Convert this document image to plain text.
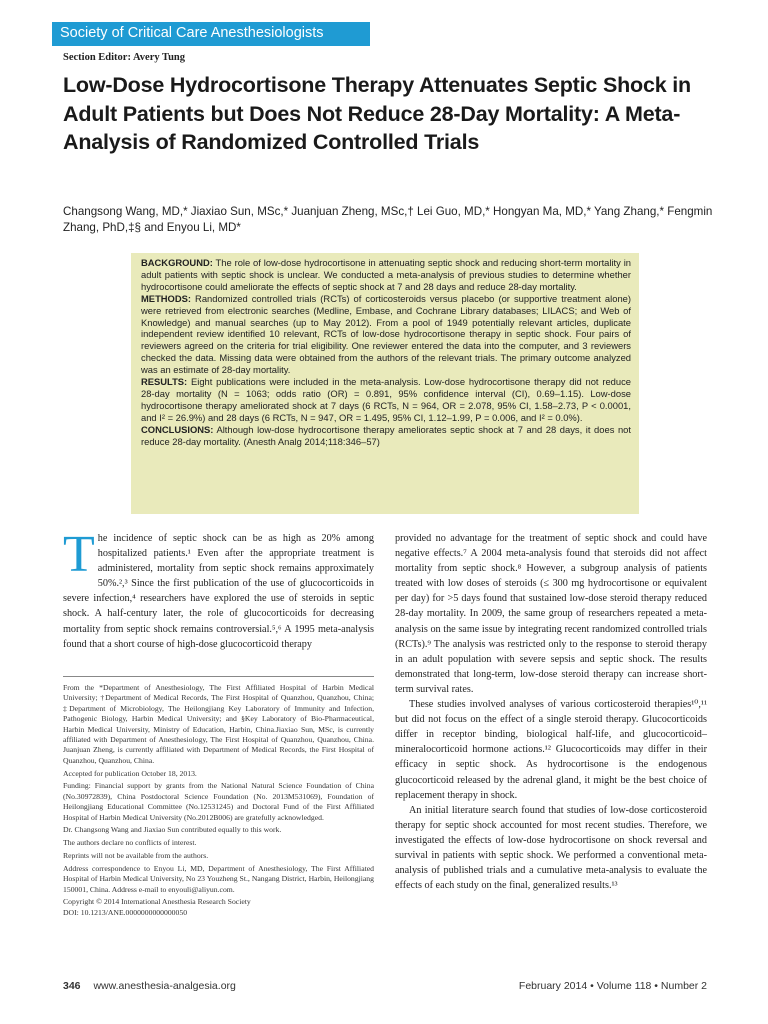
Society of Critical Care Anesthesiologists
Section Editor: Avery Tung
Low-Dose Hydrocortisone Therapy Attenuates Septic Shock in Adult Patients but Does Not Reduce 28-Day Mortality: A Meta-Analysis of Randomized Controlled Trials
Changsong Wang, MD,* Jiaxiao Sun, MSc,* Juanjuan Zheng, MSc,† Lei Guo, MD,* Hongyan Ma, MD,* Yang Zhang,* Fengmin Zhang, PhD,‡§ and Enyou Li, MD*

BACKGROUND: The role of low-dose hydrocortisone in attenuating septic shock and reducing short-term mortality in adult patients with septic shock is unclear. We conducted a meta-analysis of previous studies to determine whether hydrocortisone could ameliorate the effects of septic shock at 7 and 28 days and reduce 28-day mortality.

METHODS: Randomized controlled trials (RCTs) of corticosteroids versus placebo (or supportive treatment alone) were retrieved from electronic searches (Medline, Embase, and Cochrane Library databases; LILACS; and Web of Knowledge) and manual searches (up to May 2012). From a pool of 1949 potentially relevant articles, duplicate independent review identified 10 relevant, RCTs of low-dose hydrocortisone therapy in septic shock. Four pairs of reviewers agreed on the criteria for trial eligibility. One reviewer entered the data into the computer, and 3 reviewers checked the data. Missing data were obtained from the authors of the relevant trials. The primary outcome analyzed was an estimate of 28-day mortality.

RESULTS: Eight publications were included in the meta-analysis. Low-dose hydrocortisone therapy did not reduce 28-day mortality (N = 1063; odds ratio (OR) = 0.891, 95% confidence interval (CI), 0.69–1.15). Low-dose hydrocortisone therapy ameliorated shock at 7 days (6 RCTs, N = 964, OR = 2.078, 95% CI, 1.58–2.73, P < 0.0001, and I² = 26.9%) and 28 days (6 RCTs, N = 947, OR = 1.495, 95% CI, 1.12–1.99, P = 0.006, and I² = 0.0%).

CONCLUSIONS: Although low-dose hydrocortisone therapy ameliorates septic shock at 7 and 28 days, it does not reduce 28-day mortality. (Anesth Analg 2014;118:346–57)

The incidence of septic shock can be as high as 20% among hospitalized patients.¹ Even after the appropriate treatment is administered, mortality from septic shock remains approximately 50%.²,³ Since the first publication of the use of glucocorticoids in severe infection,⁴ researchers have explored the use of steroids in septic shock. A half-century later, the role of glucocorticoids for decreasing mortality from septic shock remains controversial.⁵,⁶ A 1995 meta-analysis found that a short course of high-dose glucocorticoid therapy

provided no advantage for the treatment of septic shock and could have negative effects.⁷ A 2004 meta-analysis found that steroids did not affect mortality from septic shock.⁸ However, a subgroup analysis of patients treated with low doses of steroids (≤ 300 mg hydrocortisone or equivalent per day) for >5 days found that sustained low-dose steroid therapy reduced 28-day mortality. In 2009, the same group of researchers repeated a meta-analysis on the same issue by integrating recent randomized controlled trials (RCTs).⁹ The analysis was restricted only to the response to steroid therapy in an adult population with severe sepsis and septic shock. The results demonstrated that long-term, low-dose steroid therapy can increase short-term survival rates.

These studies involved analyses of various corticosteroid therapies¹⁰,¹¹ but did not focus on the effect of a single steroid therapy. Glucocorticoids differ in receptor binding, biological half-life, and glucocorticoid–mineralocorticoid hormone actions.¹² Glucocorticoids may differ in their efficacy in septic shock. As hydrocortisone is the endogenous glucocorticoid released by the adrenal gland, it might be the best choice of replacement therapy in shock.

An initial literature search found that studies of low-dose corticosteroid therapy for septic shock accounted for most recent studies. Therefore, we investigated the effects of low-dose hydrocortisone on shock reversal and survival in patients with septic shock. We performed a conventional meta-analysis of published trials and a cumulative meta-analysis to evaluate the effects of each study on the final, generalized results.¹³

From the *Department of Anesthesiology, The First Affiliated Hospital of Harbin Medical University; †Department of Medical Records, The First Hospital of Quanzhou, Quanzhou, China; ‡Department of Microbiology, The Heilongjiang Key Laboratory of Immunity and Infection, Pathogenic Biology, Harbin Medical University; and §Key Laboratory of Bio-Pharmaceutical, Harbin Medical University, Ministry of Education, Harbin, China.Jiaxiao Sun, MSc, is currently affiliated with Department of Anesthesiology, The First Hospital of Quanzhou, Quanzhou, China. Juanjuan Zheng, is currently affiliated with Department of Medical Records, the First Hospital of Quanzhou, Quanzhou, China.

Accepted for publication October 18, 2013.

Funding: Financial support by grants from the National Natural Science Foundation of China (No.30972839), China Postdoctoral Science Foundation (No. 2013M531069), Foundation of Heilongjiang Educational Committee (No.12531245) and Doctoral Fund of the First Affiliated Hospital of Harbin Medical University (No.2012B006) are gratefully acknowledged.

Dr. Changsong Wang and Jiaxiao Sun contributed equally to this work.

The authors declare no conflicts of interest.

Reprints will not be available from the authors.

Address correspondence to Enyou Li, MD, Department of Anesthesiology, The First Affiliated Hospital of Harbin Medical University, No 23 Youzheng St., Nangang District, Harbin, Heilongjiang 150001, China. Address e-mail to enyouli@aliyun.com.

Copyright © 2014 International Anesthesia Research Society

DOI: 10.1213/ANE.0000000000000050

346 www.anesthesia-analgesia.org	February 2014 • Volume 118 • Number 2
